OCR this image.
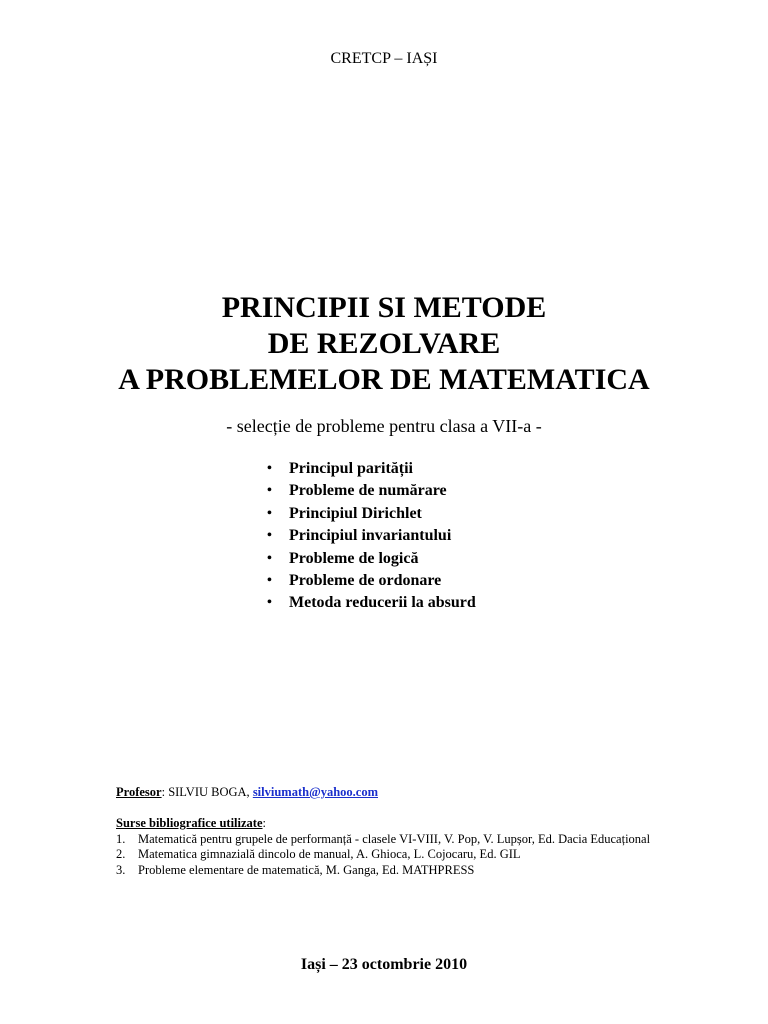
CRETCP – IAȘI
PRINCIPII SI METODE
DE REZOLVARE
A PROBLEMELOR DE MATEMATICA
- selecție de probleme pentru clasa a VII-a -
• Principul parității
• Probleme de numărare
• Principiul Dirichlet
• Principiul invariantului
• Probleme de logică
• Probleme de ordonare
• Metoda reducerii la absurd
Profesor: SILVIU BOGA, silviumath@yahoo.com
Surse bibliografice utilizate:
1. Matematică pentru grupele de performanță - clasele VI-VIII, V. Pop, V. Lupșor, Ed. Dacia Educațional
2. Matematica gimnazială dincolo de manual, A. Ghioca, L. Cojocaru, Ed. GIL
3. Probleme elementare de matematică, M. Ganga, Ed. MATHPRESS
Iași – 23 octombrie 2010
